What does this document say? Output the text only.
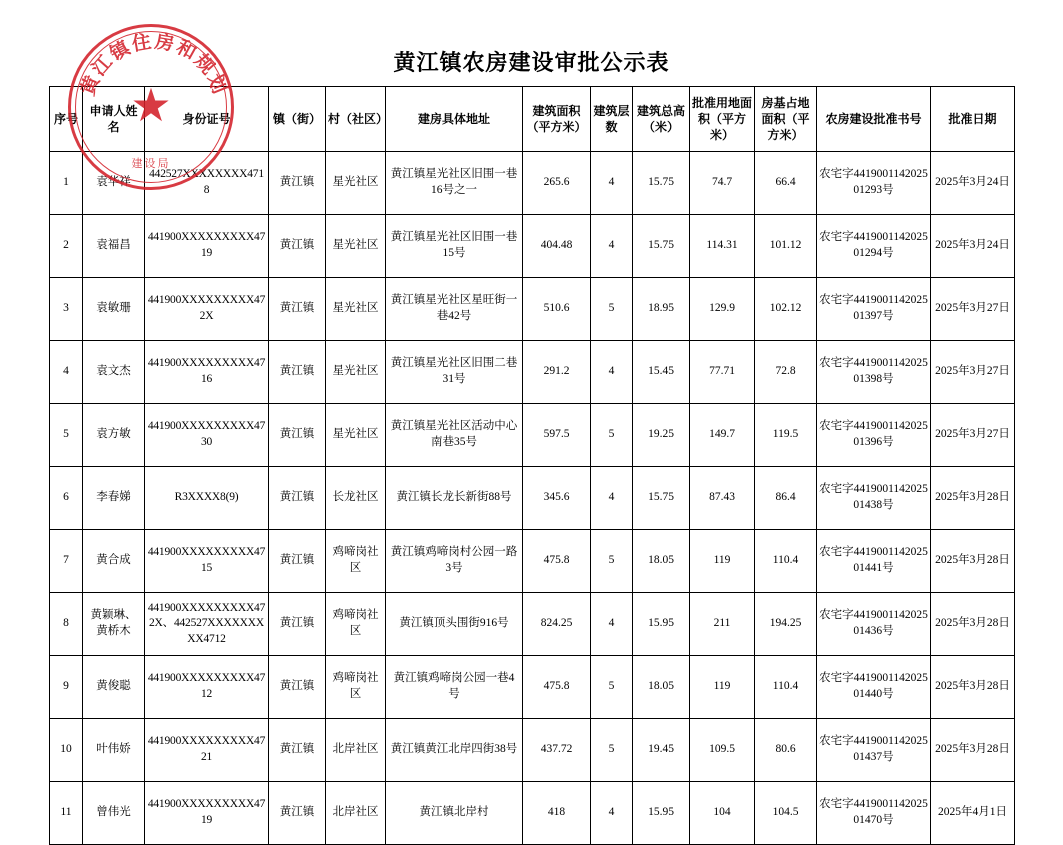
黄江镇农房建设审批公示表
序号	申请人姓名	身份证号	镇（街）	村（社区）	建房具体地址	建筑面积（平方米）	建筑层数	建筑总高（米）	批准用地面积（平方米）	房基占地面积（平方米）	农房建设批准书号	批准日期
1	袁华祥	442527XXXXXXXX4718	黄江镇	星光社区	黄江镇星光社区旧围一巷16号之一	265.6	4	15.75	74.7	66.4	农宅字441900114202501293号	2025年3月24日
2	袁福昌	441900XXXXXXXXX4719	黄江镇	星光社区	黄江镇星光社区旧围一巷15号	404.48	4	15.75	114.31	101.12	农宅字441900114202501294号	2025年3月24日
3	袁敏珊	441900XXXXXXXXX472X	黄江镇	星光社区	黄江镇星光社区星旺街一巷42号	510.6	5	18.95	129.9	102.12	农宅字441900114202501397号	2025年3月27日
4	袁文杰	441900XXXXXXXXX4716	黄江镇	星光社区	黄江镇星光社区旧围二巷31号	291.2	4	15.45	77.71	72.8	农宅字441900114202501398号	2025年3月27日
5	袁方敏	441900XXXXXXXXX4730	黄江镇	星光社区	黄江镇星光社区活动中心南巷35号	597.5	5	19.25	149.7	119.5	农宅字441900114202501396号	2025年3月27日
6	李春娣	R3XXXX8(9)	黄江镇	长龙社区	黄江镇长龙长新街88号	345.6	4	15.75	87.43	86.4	农宅字441900114202501438号	2025年3月28日
7	黄合成	441900XXXXXXXXX4715	黄江镇	鸡啼岗社区	黄江镇鸡啼岗村公园一路3号	475.8	5	18.05	119	110.4	农宅字441900114202501441号	2025年3月28日
8	黄颖琳、黄桥木	441900XXXXXXXXX472X、442527XXXXXXXXX4712	黄江镇	鸡啼岗社区	黄江镇顶头围街916号	824.25	4	15.95	211	194.25	农宅字441900114202501436号	2025年3月28日
9	黄俊聪	441900XXXXXXXXX4712	黄江镇	鸡啼岗社区	黄江镇鸡啼岗公园一巷4号	475.8	5	18.05	119	110.4	农宅字441900114202501440号	2025年3月28日
10	叶伟娇	441900XXXXXXXXX4721	黄江镇	北岸社区	黄江镇黄江北岸四街38号	437.72	5	19.45	109.5	80.6	农宅字441900114202501437号	2025年3月28日
11	曾伟光	441900XXXXXXXXX4719	黄江镇	北岸社区	黄江镇北岸村	418	4	15.95	104	104.5	农宅字441900114202501470号	2025年4月1日
黄江镇住房和规划
★
建设局
